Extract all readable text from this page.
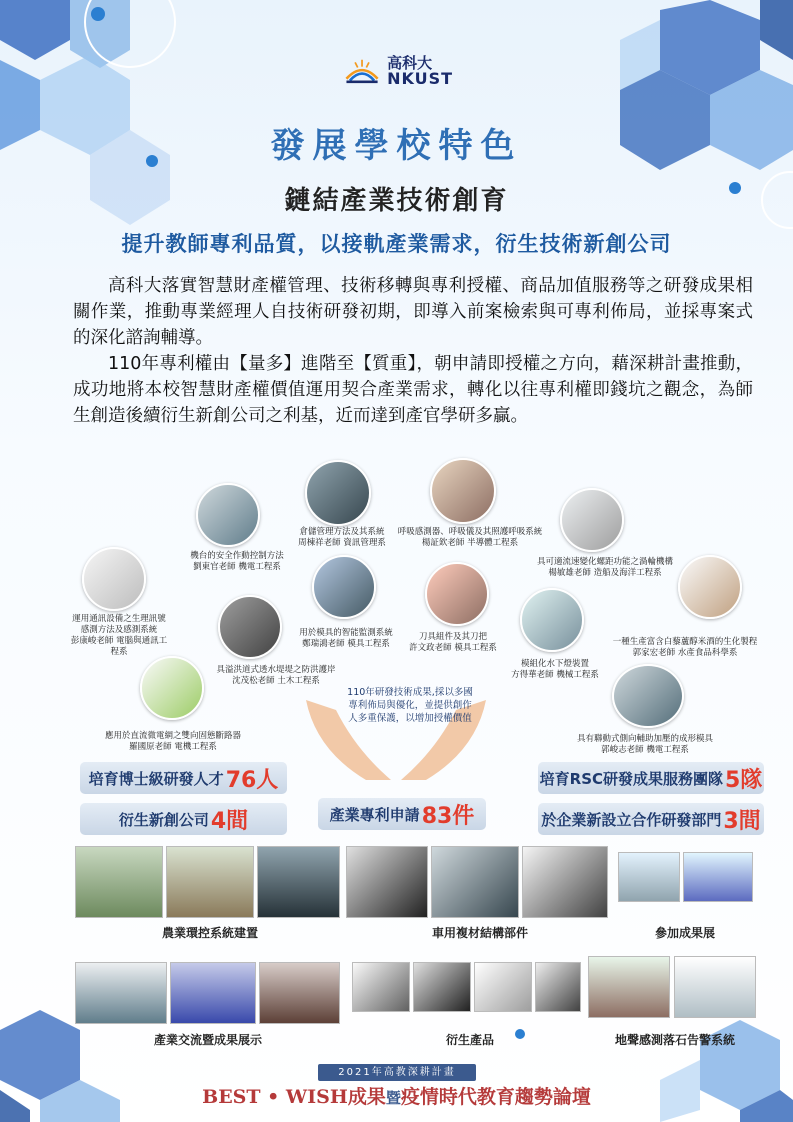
高科大
NKUST
發展學校特色
鏈結產業技術創育
提升教師專利品質，以接軌產業需求，衍生技術新創公司

高科大落實智慧財產權管理、技術移轉與專利授權、商品加值服務等之研發成果相關作業，推動專業經理人自技術研發初期，即導入前案檢索與可專利佈局，並採專案式的深化諮詢輔導。

110年專利權由【量多】進階至【質重】，朝申請即授權之方向，藉深耕計畫推動，成功地將本校智慧財產權價值運用契合產業需求，轉化以往專利權即錢坑之觀念，為師生創造後續衍生新創公司之利基，近而達到產官學研多贏。

機台的安全作動控制方法
劉東官老師 機電工程系
倉儲管理方法及其系統
周棟祥老師 資訊管理系
呼吸感測器、呼吸儀及其照護呼吸系統
楊証欽老師 半導體工程系
具可適流速變化螺距功能之渦輪機構
楊敏雄老師 造船及海洋工程系
運用通訊設備之生理訊號
感測方法及感測系統
彭康峻老師 電腦與通訊工
程系
用於模具的智能監測系統
鄭瑞鴻老師 模具工程系
刀具組件及其刀把
許文政老師 模具工程系
一種生產富含白藜蘆醇米酒的生化製程
郭家宏老師 水產食品科學系
具溢洪道式透水堤堤之防洪護岸
沈茂松老師 土木工程系
模組化水下燈裝置
方得華老師 機械工程系
應用於直流微電網之雙向固態斷路器
羅國原老師 電機工程系
具有聯動式側向輔助加壓的成形模具
郭峻志老師 機電工程系
110年研發技術成果,採以多國
專利佈局與優化，並提供創作
人多重保護，以增加授權價值
培育博士級研發人才 76人
衍生新創公司 4間	產業專利申請 83件
培育RSC研發成果服務團隊 5隊
於企業新設立合作研發部門 3間
農業環控系統建置	車用複材結構部件	參加成果展
產業交流暨成果展示	衍生產品	地聲感測落石告警系統
2021年高教深耕計畫
BEST • WISH成果暨疫情時代教育趨勢論壇
